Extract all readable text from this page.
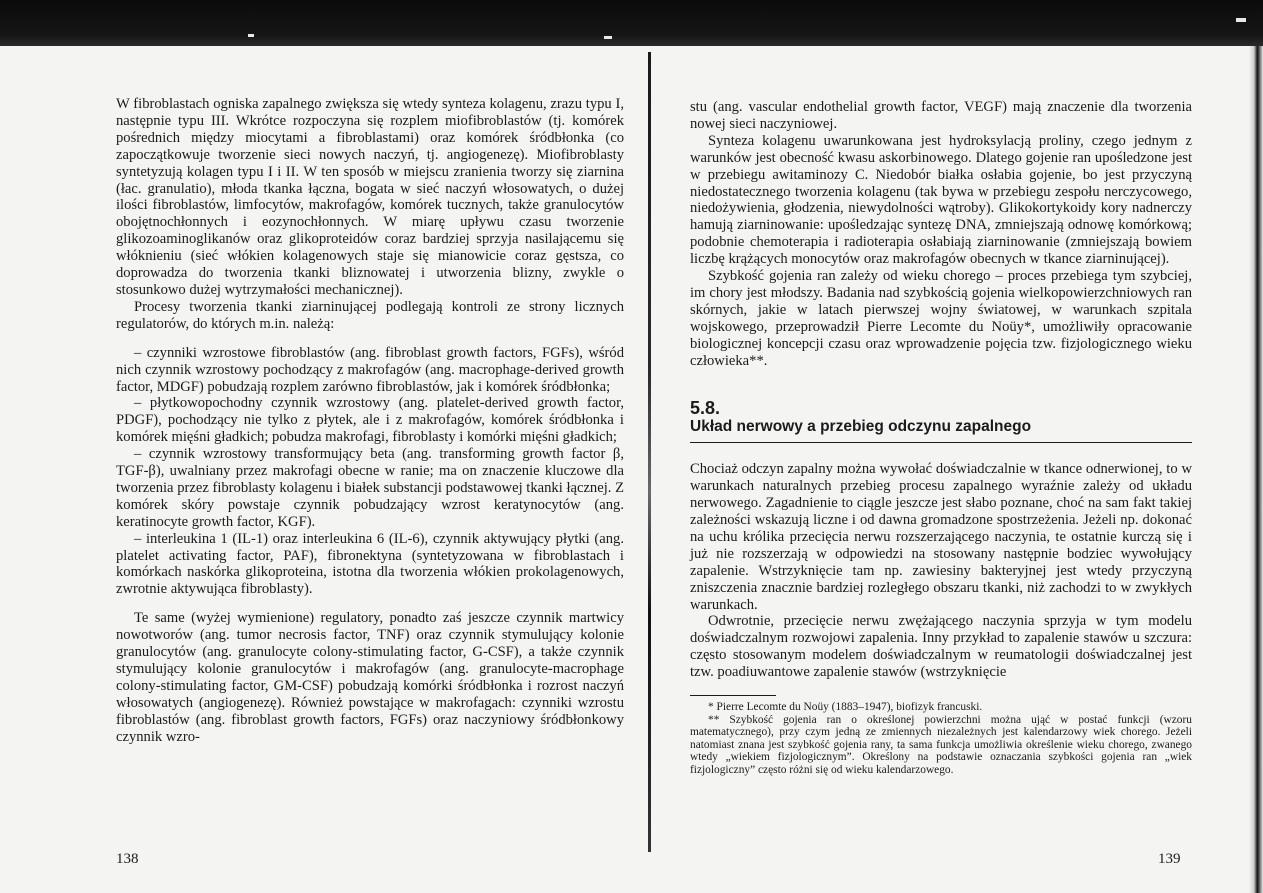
W fibroblastach ogniska zapalnego zwiększa się wtedy synteza kolagenu, zrazu typu I, następnie typu III. Wkrótce rozpoczyna się rozplem miofibroblastów (tj. komórek pośrednich między miocytami a fibroblastami) oraz komórek śródbłonka (co zapoczątkowuje tworzenie sieci nowych naczyń, tj. angiogenezę). Miofibroblasty syntetyzują kolagen typu I i II. W ten sposób w miejscu zranienia tworzy się ziarnina (łac. granulatio), młoda tkanka łączna, bogata w sieć naczyń włosowatych, o dużej ilości fibroblastów, limfocytów, makrofagów, komórek tucznych, także granulocytów obojętnochłonnych i eozynochłonnych. W miarę upływu czasu tworzenie glikozoaminoglikanów oraz glikoproteidów coraz bardziej sprzyja nasilającemu się włóknieniu (sieć włókien kolagenowych staje się mianowicie coraz gęstsza, co doprowadza do tworzenia tkanki bliznowatej i utworzenia blizny, zwykle o stosunkowo dużej wytrzymałości mechanicznej).

Procesy tworzenia tkanki ziarninującej podlegają kontroli ze strony licznych regulatorów, do których m.in. należą:

– czynniki wzrostowe fibroblastów (ang. fibroblast growth factors, FGFs), wśród nich czynnik wzrostowy pochodzący z makrofagów (ang. macrophage-derived growth factor, MDGF) pobudzają rozplem zarówno fibroblastów, jak i komórek śródbłonka;

– płytkowopochodny czynnik wzrostowy (ang. platelet-derived growth factor, PDGF), pochodzący nie tylko z płytek, ale i z makrofagów, komórek śródbłonka i komórek mięśni gładkich; pobudza makrofagi, fibroblasty i komórki mięśni gładkich;

– czynnik wzrostowy transformujący beta (ang. transforming growth factor β, TGF-β), uwalniany przez makrofagi obecne w ranie; ma on znaczenie kluczowe dla tworzenia przez fibroblasty kolagenu i białek substancji podstawowej tkanki łącznej. Z komórek skóry powstaje czynnik pobudzający wzrost keratynocytów (ang. keratinocyte growth factor, KGF).

– interleukina 1 (IL-1) oraz interleukina 6 (IL-6), czynnik aktywujący płytki (ang. platelet activating factor, PAF), fibronektyna (syntetyzowana w fibroblastach i komórkach naskórka glikoproteina, istotna dla tworzenia włókien prokolagenowych, zwrotnie aktywująca fibroblasty).

Te same (wyżej wymienione) regulatory, ponadto zaś jeszcze czynnik martwicy nowotworów (ang. tumor necrosis factor, TNF) oraz czynnik stymulujący kolonie granulocytów (ang. granulocyte colony-stimulating factor, G-CSF), a także czynnik stymulujący kolonie granulocytów i makrofagów (ang. granulocyte-macrophage colony-stimulating factor, GM-CSF) pobudzają komórki śródbłonka i rozrost naczyń włosowatych (angiogenezę). Również powstające w makrofagach: czynniki wzrostu fibroblastów (ang. fibroblast growth factors, FGFs) oraz naczyniowy śródbłonkowy czynnik wzro-

stu (ang. vascular endothelial growth factor, VEGF) mają znaczenie dla tworzenia nowej sieci naczyniowej.

Synteza kolagenu uwarunkowana jest hydroksylacją proliny, czego jednym z warunków jest obecność kwasu askorbinowego. Dlatego gojenie ran upośledzone jest w przebiegu awitaminozy C. Niedobór białka osłabia gojenie, bo jest przyczyną niedostatecznego tworzenia kolagenu (tak bywa w przebiegu zespołu nerczycowego, niedożywienia, głodzenia, niewydolności wątroby). Glikokortykoidy kory nadnerczy hamują ziarninowanie: upośledzając syntezę DNA, zmniejszają odnowę komórkową; podobnie chemoterapia i radioterapia osłabiają ziarninowanie (zmniejszają bowiem liczbę krążących monocytów oraz makrofagów obecnych w tkance ziarninującej).

Szybkość gojenia ran zależy od wieku chorego – proces przebiega tym szybciej, im chory jest młodszy. Badania nad szybkością gojenia wielkopowierzchniowych ran skórnych, jakie w latach pierwszej wojny światowej, w warunkach szpitala wojskowego, przeprowadził Pierre Lecomte du Noüy*, umożliwiły opracowanie biologicznej koncepcji czasu oraz wprowadzenie pojęcia tzw. fizjologicznego wieku człowieka**.

5.8.
Układ nerwowy a przebieg odczynu zapalnego

Chociaż odczyn zapalny można wywołać doświadczalnie w tkance odnerwionej, to w warunkach naturalnych przebieg procesu zapalnego wyraźnie zależy od układu nerwowego. Zagadnienie to ciągle jeszcze jest słabo poznane, choć na sam fakt takiej zależności wskazują liczne i od dawna gromadzone spostrzeżenia. Jeżeli np. dokonać na uchu królika przecięcia nerwu rozszerzającego naczynia, te ostatnie kurczą się i już nie rozszerzają w odpowiedzi na stosowany następnie bodziec wywołujący zapalenie. Wstrzyknięcie tam np. zawiesiny bakteryjnej jest wtedy przyczyną zniszczenia znacznie bardziej rozległego obszaru tkanki, niż zachodzi to w zwykłych warunkach.

Odwrotnie, przecięcie nerwu zwężającego naczynia sprzyja w tym modelu doświadczalnym rozwojowi zapalenia. Inny przykład to zapalenie stawów u szczura: często stosowanym modelem doświadczalnym w reumatologii doświadczalnej jest tzw. poadiuwantowe zapalenie stawów (wstrzyknięcie

* Pierre Lecomte du Noüy (1883–1947), biofizyk francuski.

** Szybkość gojenia ran o określonej powierzchni można ująć w postać funkcji (wzoru matematycznego), przy czym jedną ze zmiennych niezależnych jest kalendarzowy wiek chorego. Jeżeli natomiast znana jest szybkość gojenia rany, ta sama funkcja umożliwia określenie wieku chorego, zwanego wtedy „wiekiem fizjologicznym”. Określony na podstawie oznaczania szybkości gojenia ran „wiek fizjologiczny” często różni się od wieku kalendarzowego.

138	139
